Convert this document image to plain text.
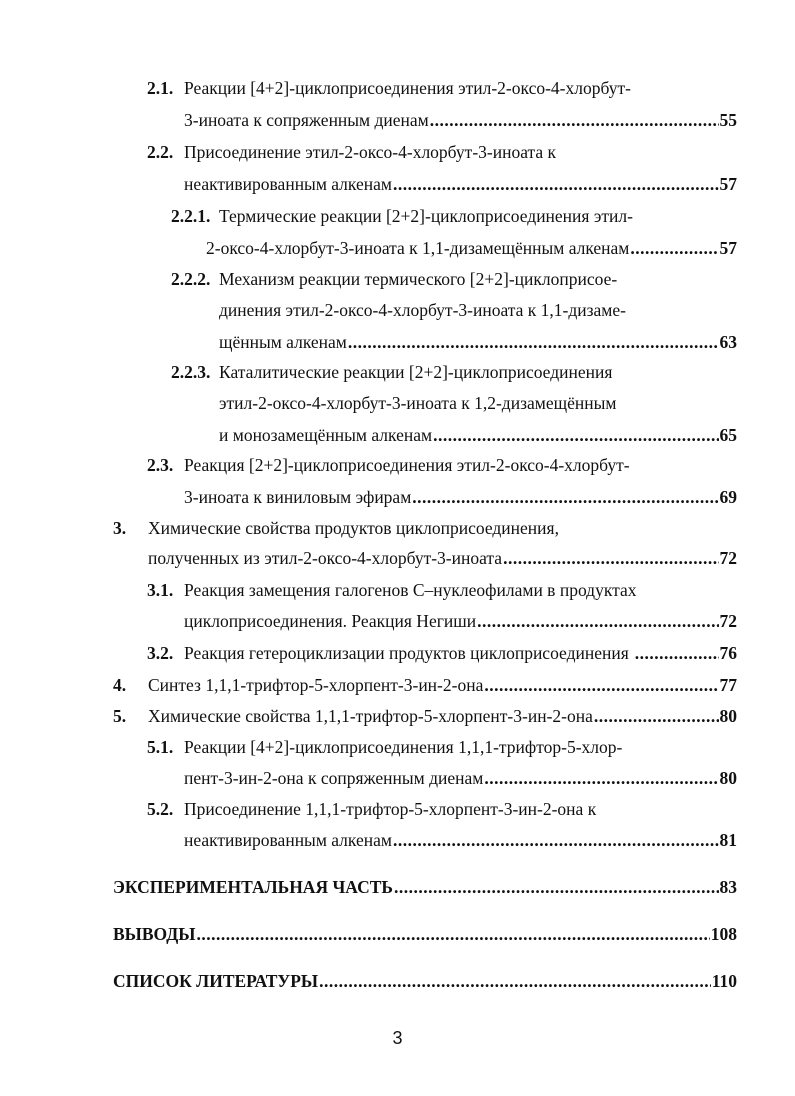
2.1. Реакции [4+2]-циклоприсоединения этил-2-оксо-4-хлорбут-
3-иноата к сопряженным диенам .....	55
2.2. Присоединение этил-2-оксо-4-хлорбут-3-иноата к
неактивированным алкенам .....	57
2.2.1. Термические реакции [2+2]-циклоприсоединения этил-
2-оксо-4-хлорбут-3-иноата к 1,1-дизамещённым алкенам .....	57
2.2.2. Механизм реакции термического [2+2]-циклоприсое-
динения этил-2-оксо-4-хлорбут-3-иноата к 1,1-дизаме-
щённым алкенам .....	63
2.2.3. Каталитические реакции [2+2]-циклоприсоединения
этил-2-оксо-4-хлорбут-3-иноата к 1,2-дизамещённым
и монозамещённым алкенам .....	65
2.3. Реакция [2+2]-циклоприсоединения этил-2-оксо-4-хлорбут-
3-иноата к виниловым эфирам .....	69
3. Химические свойства продуктов циклоприсоединения,
полученных из этил-2-оксо-4-хлорбут-3-иноата .....	72
3.1. Реакция замещения галогенов С–нуклеофилами в продуктах
циклоприсоединения. Реакция Негиши .....	72
3.2. Реакция гетероциклизации продуктов циклоприсоединения .....	76
4. Синтез 1,1,1-трифтор-5-хлорпент-3-ин-2-она .....	77
5. Химические свойства 1,1,1-трифтор-5-хлорпент-3-ин-2-она .....	80
5.1. Реакции [4+2]-циклоприсоединения 1,1,1-трифтор-5-хлор-
пент-3-ин-2-она к сопряженным диенам .....	80
5.2. Присоединение 1,1,1-трифтор-5-хлорпент-3-ин-2-она к
неактивированным алкенам .....	81
ЭКСПЕРИМЕНТАЛЬНАЯ ЧАСТЬ .....	83
ВЫВОДЫ .....	108
СПИСОК ЛИТЕРАТУРЫ .....	110
3
